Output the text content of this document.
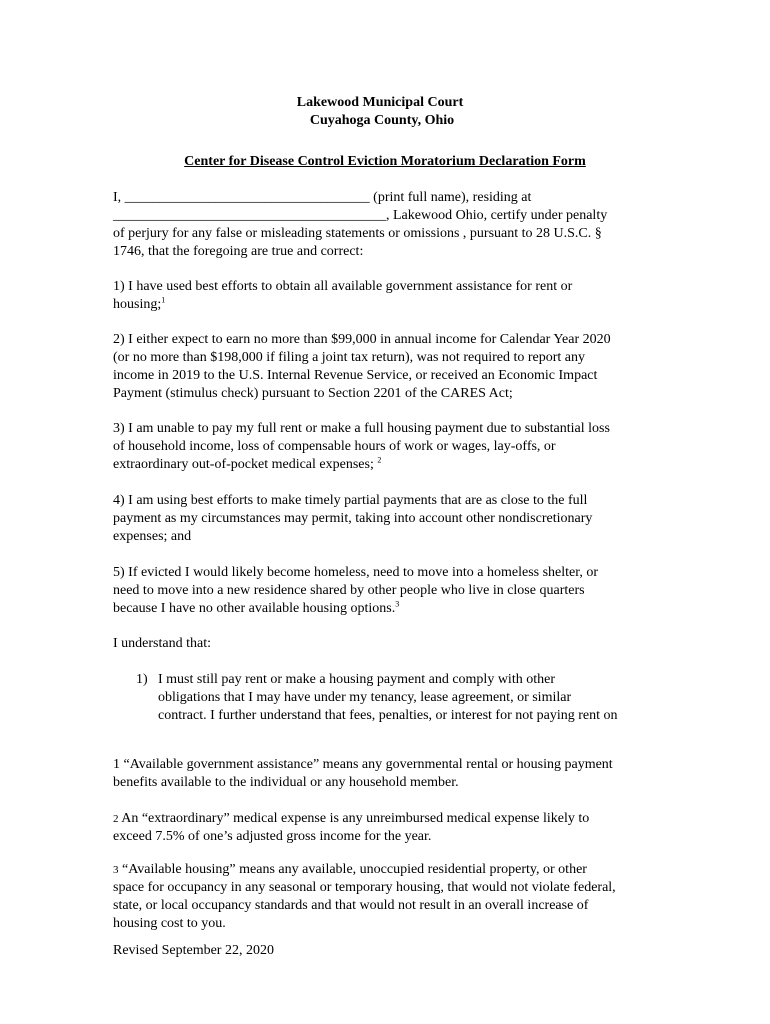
Lakewood Municipal Court
Cuyahoga County, Ohio
Center for Disease Control Eviction Moratorium Declaration Form

I, ___________________________________ (print full name), residing at

_______________________________________, Lakewood Ohio, certify under penalty

of perjury for any false or misleading statements or omissions , pursuant to 28 U.S.C. §

1746, that the foregoing are true and correct:

1) I have used best efforts to obtain all available government assistance for rent or

housing;$^1$

2) I either expect to earn no more than $99,000 in annual income for Calendar Year 2020

(or no more than $198,000 if filing a joint tax return), was not required to report any

income in 2019 to the U.S. Internal Revenue Service, or received an Economic Impact

Payment (stimulus check) pursuant to Section 2201 of the CARES Act;

3) I am unable to pay my full rent or make a full housing payment due to substantial loss

of household income, loss of compensable hours of work or wages, lay-offs, or

extraordinary out-of-pocket medical expenses; $^2$

4) I am using best efforts to make timely partial payments that are as close to the full

payment as my circumstances may permit, taking into account other nondiscretionary

expenses; and

5) If evicted I would likely become homeless, need to move into a homeless shelter, or

need to move into a new residence shared by other people who live in close quarters

because I have no other available housing options.$^3$

I understand that:

1) I must still pay rent or make a housing payment and comply with other

obligations that I may have under my tenancy, lease agreement, or similar

contract. I further understand that fees, penalties, or interest for not paying rent on

1 “Available government assistance” means any governmental rental or housing payment

benefits available to the individual or any household member.

2 An “extraordinary” medical expense is any unreimbursed medical expense likely to

exceed 7.5% of one’s adjusted gross income for the year.

3 “Available housing” means any available, unoccupied residential property, or other

space for occupancy in any seasonal or temporary housing, that would not violate federal,

state, or local occupancy standards and that would not result in an overall increase of

housing cost to you.

Revised September 22, 2020
